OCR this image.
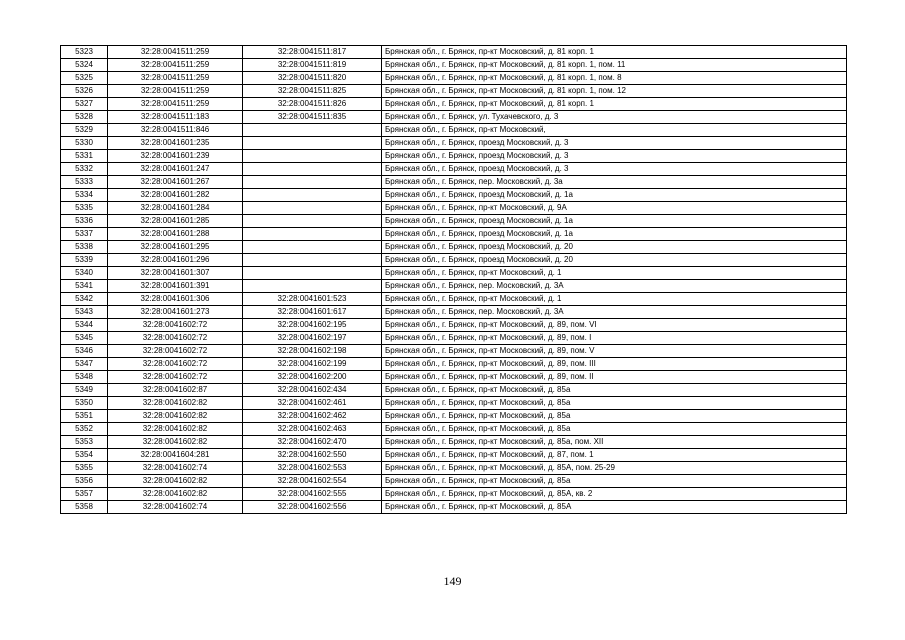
5323	32:28:0041511:259	32:28:0041511:817	Брянская обл., г. Брянск, пр-кт Московский, д. 81 корп. 1
5324	32:28:0041511:259	32:28:0041511:819	Брянская обл., г. Брянск, пр-кт Московский, д. 81 корп. 1, пом. 11
5325	32:28:0041511:259	32:28:0041511:820	Брянская обл., г. Брянск, пр-кт Московский, д. 81 корп. 1, пом. 8
5326	32:28:0041511:259	32:28:0041511:825	Брянская обл., г. Брянск, пр-кт Московский, д. 81 корп. 1, пом. 12
5327	32:28:0041511:259	32:28:0041511:826	Брянская обл., г. Брянск, пр-кт Московский, д. 81 корп. 1
5328	32:28:0041511:183	32:28:0041511:835	Брянская обл., г. Брянск, ул. Тухачевского, д. 3
5329	32:28:0041511:846		Брянская обл., г. Брянск, пр-кт Московский,
5330	32:28:0041601:235		Брянская обл., г. Брянск, проезд Московский, д. 3
5331	32:28:0041601:239		Брянская обл., г. Брянск, проезд Московский, д. 3
5332	32:28:0041601:247		Брянская обл., г. Брянск, проезд Московский, д. 3
5333	32:28:0041601:267		Брянская обл., г. Брянск, пер. Московский, д. 3а
5334	32:28:0041601:282		Брянская обл., г. Брянск, проезд Московский, д. 1а
5335	32:28:0041601:284		Брянская обл., г. Брянск, пр-кт Московский, д. 9А
5336	32:28:0041601:285		Брянская обл., г. Брянск, проезд Московский, д. 1а
5337	32:28:0041601:288		Брянская обл., г. Брянск, проезд Московский, д. 1а
5338	32:28:0041601:295		Брянская обл., г. Брянск, проезд Московский, д. 20
5339	32:28:0041601:296		Брянская обл., г. Брянск, проезд Московский, д. 20
5340	32:28:0041601:307		Брянская обл., г. Брянск, пр-кт Московский, д. 1
5341	32:28:0041601:391		Брянская обл., г. Брянск, пер. Московский, д. 3А
5342	32:28:0041601:306	32:28:0041601:523	Брянская обл., г. Брянск, пр-кт Московский, д. 1
5343	32:28:0041601:273	32:28:0041601:617	Брянская обл., г. Брянск, пер. Московский, д. 3А
5344	32:28:0041602:72	32:28:0041602:195	Брянская обл., г. Брянск, пр-кт Московский, д. 89, пом. VI
5345	32:28:0041602:72	32:28:0041602:197	Брянская обл., г. Брянск, пр-кт Московский, д. 89, пом. I
5346	32:28:0041602:72	32:28:0041602:198	Брянская обл., г. Брянск, пр-кт Московский, д. 89, пом. V
5347	32:28:0041602:72	32:28:0041602:199	Брянская обл., г. Брянск, пр-кт Московский, д. 89, пом. III
5348	32:28:0041602:72	32:28:0041602:200	Брянская обл., г. Брянск, пр-кт Московский, д. 89, пом. II
5349	32:28:0041602:87	32:28:0041602:434	Брянская обл., г. Брянск, пр-кт Московский, д. 85а
5350	32:28:0041602:82	32:28:0041602:461	Брянская обл., г. Брянск, пр-кт Московский, д. 85а
5351	32:28:0041602:82	32:28:0041602:462	Брянская обл., г. Брянск, пр-кт Московский, д. 85а
5352	32:28:0041602:82	32:28:0041602:463	Брянская обл., г. Брянск, пр-кт Московский, д. 85а
5353	32:28:0041602:82	32:28:0041602:470	Брянская обл., г. Брянск, пр-кт Московский, д. 85а, пом. XII
5354	32:28:0041604:281	32:28:0041602:550	Брянская обл., г. Брянск, пр-кт Московский, д. 87, пом. 1
5355	32:28:0041602:74	32:28:0041602:553	Брянская обл., г. Брянск, пр-кт Московский, д. 85А, пом. 25-29
5356	32:28:0041602:82	32:28:0041602:554	Брянская обл., г. Брянск, пр-кт Московский, д. 85а
5357	32:28:0041602:82	32:28:0041602:555	Брянская обл., г. Брянск, пр-кт Московский, д. 85А, кв. 2
5358	32:28:0041602:74	32:28:0041602:556	Брянская обл., г. Брянск, пр-кт Московский, д. 85А
149
